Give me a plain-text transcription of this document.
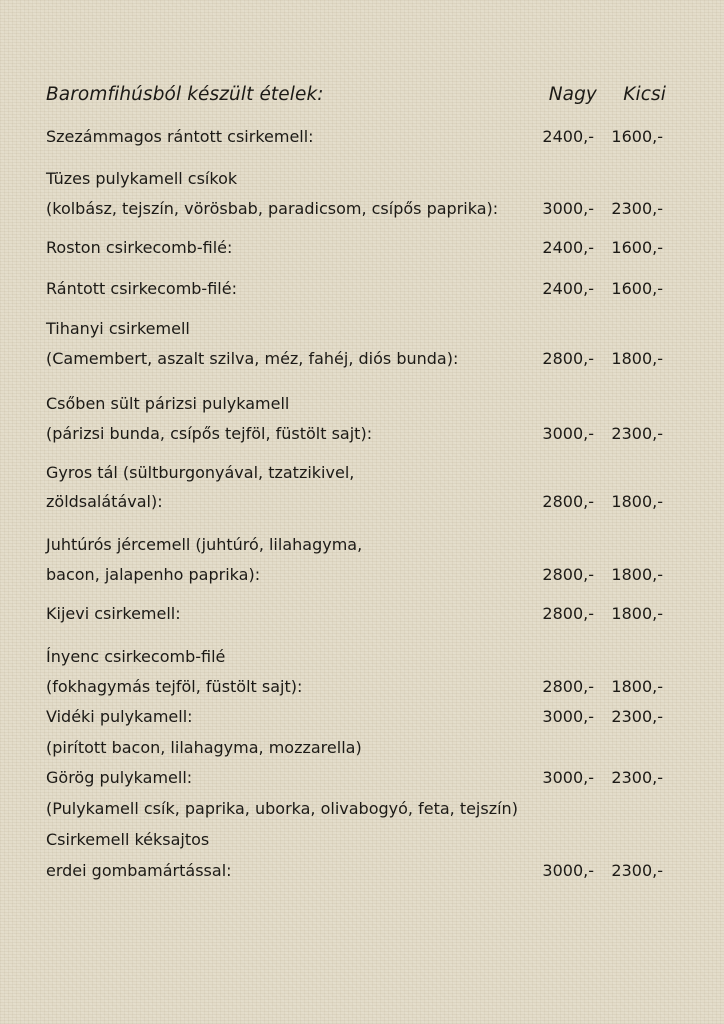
Baromfihúsból készült ételek:	Nagy Kicsi
Szezámmagos rántott csirkemell:	2400,- 1600,-
Tüzes pulykamell csíkok
(kolbász, tejszín, vörösbab, paradicsom, csípős paprika):	3000,- 2300,-
Roston csirkecomb-filé:	2400,- 1600,-
Rántott csirkecomb-filé:	2400,- 1600,-
Tihanyi csirkemell
(Camembert, aszalt szilva, méz, fahéj, diós bunda):	2800,- 1800,-
Csőben sült párizsi pulykamell
(párizsi bunda, csípős tejföl, füstölt sajt):	3000,- 2300,-
Gyros tál (sültburgonyával, tzatzikivel,
zöldsalátával):	2800,- 1800,-
Juhtúrós jércemell (juhtúró, lilahagyma,
bacon, jalapenho paprika):	2800,- 1800,-
Kijevi csirkemell:	2800,- 1800,-
Ínyenc csirkecomb-filé
(fokhagymás tejföl, füstölt sajt):	2800,- 1800,-
Vidéki pulykamell:	3000,- 2300,-
(pirított bacon, lilahagyma, mozzarella)
Görög pulykamell:	3000,- 2300,-
(Pulykamell csík, paprika, uborka, olivabogyó, feta, tejszín)
Csirkemell kéksajtos
erdei gombamártással:	3000,- 2300,-
